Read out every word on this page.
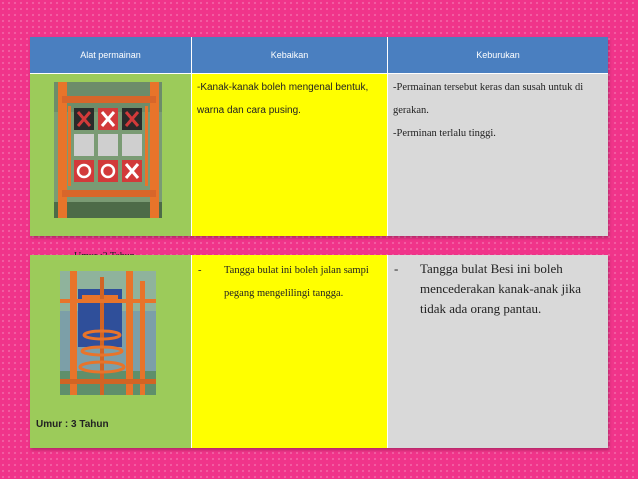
Alat permainan	Kebaikan	Keburukan
-Kanak-kanak boleh mengenal bentuk, warna dan cara pusing.
-Permainan tersebut keras dan susah untuk di gerakan.
-Perminan terlalu tinggi.
Umur : 3 Tahun
- Tangga bulat ini boleh jalan sampi pegang mengelilingi tangga.
- Tangga bulat Besi ini boleh mencederakan kanak-anak jika tidak ada orang pantau.
